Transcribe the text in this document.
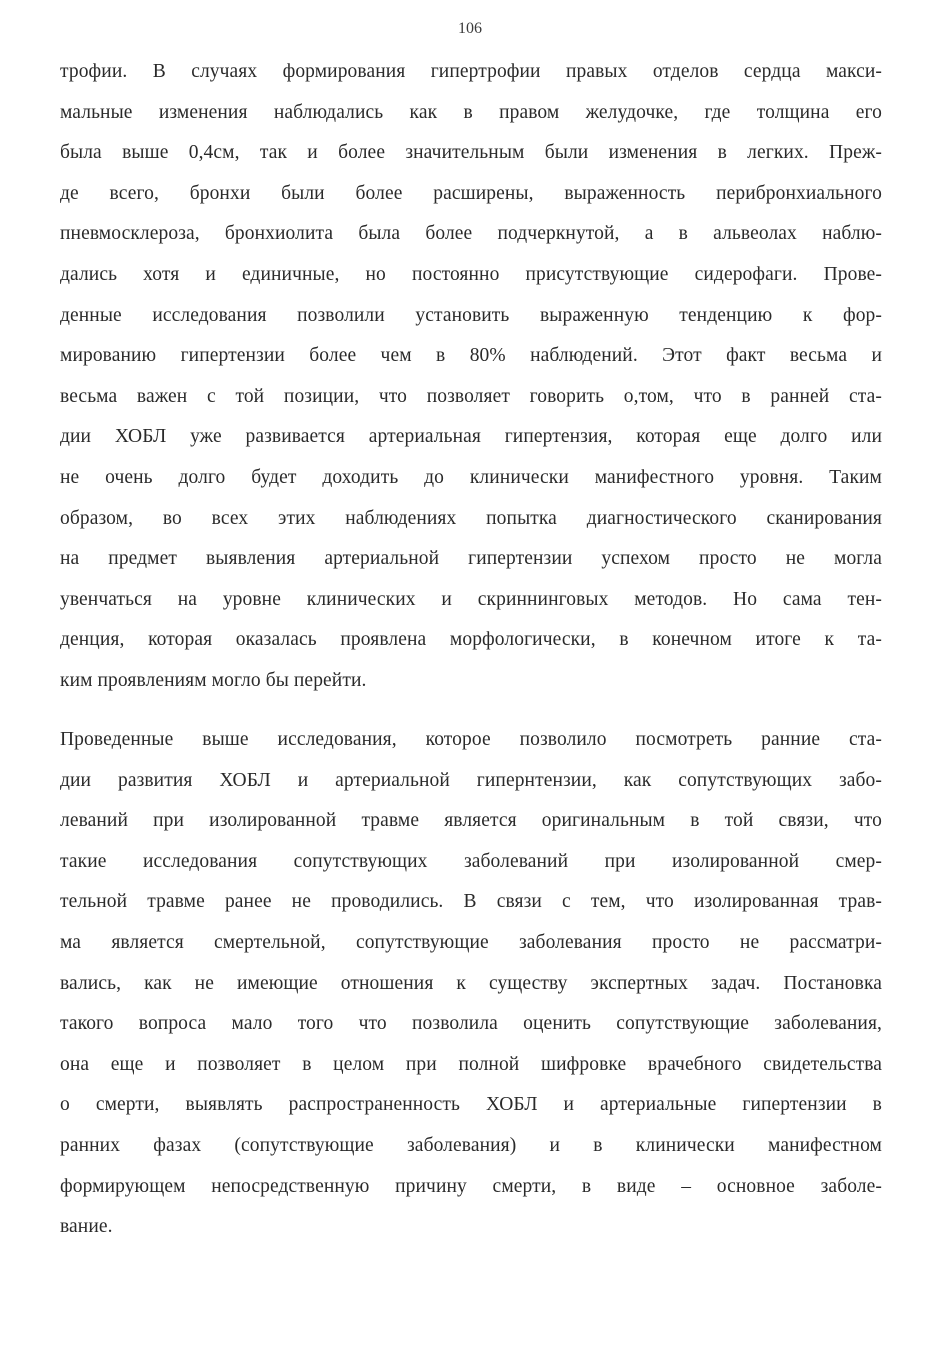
106
трофии. В случаях формирования гипертрофии правых отделов сердца макси-
мальные изменения наблюдались как в правом желудочке, где толщина его
была выше 0,4см, так и более значительным были изменения в легких. Преж-
де всего, бронхи были более расширены, выраженность перибронхиального
пневмосклероза, бронхиолита была более подчеркнутой, а в альвеолах наблю-
дались хотя и единичные, но постоянно присутствующие сидерофаги. Прове-
денные исследования позволили установить выраженную тенденцию к фор-
мированию гипертензии более чем в 80% наблюдений. Этот факт весьма и
весьма важен с той позиции, что позволяет говорить о,том, что в ранней ста-
дии ХОБЛ уже развивается артериальная гипертензия, которая еще долго или
не очень долго будет доходить до клинически манифестного уровня. Таким
образом, во всех этих наблюдениях попытка диагностического сканирования
на предмет выявления артериальной гипертензии успехом просто не могла
увенчаться на уровне клинических и скриннинговых методов. Но сама тен-
денция, которая оказалась проявлена морфологически, в конечном итоге к та-
ким проявлениям могло бы перейти.
Проведенные выше исследования, которое позволило посмотреть ранние ста-
дии развития ХОБЛ и артериальной гипернтензии, как сопутствующих забо-
леваний при изолированной травме является оригинальным в той связи, что
такие исследования сопутствующих заболеваний при изолированной смер-
тельной травме ранее не проводились. В связи с тем, что изолированная трав-
ма является смертельной, сопутствующие заболевания просто не рассматри-
вались, как не имеющие отношения к существу экспертных задач. Постановка
такого вопроса мало того что позволила оценить сопутствующие заболевания,
она еще и позволяет в целом при полной шифровке врачебного свидетельства
о смерти, выявлять распространенность ХОБЛ и артериальные гипертензии в
ранних фазах (сопутствующие заболевания) и в клинически манифестном
формирующем непосредственную причину смерти, в виде – основное заболе-
вание.
